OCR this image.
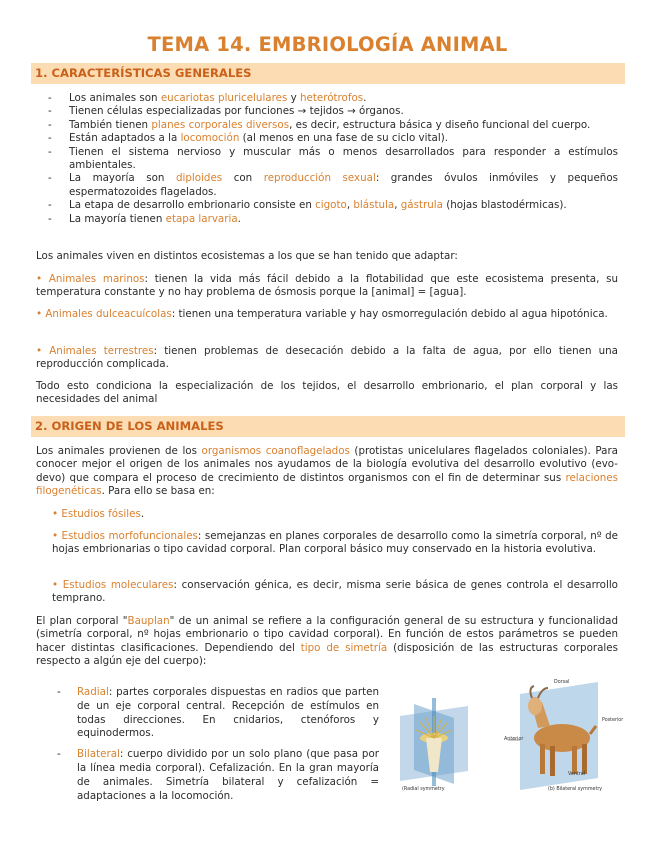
TEMA 14. EMBRIOLOGÍA ANIMAL
1. CARACTERÍSTICAS GENERALES
- Los animales son eucariotas pluricelulares y heterótrofos.
- Tienen células especializadas por funciones → tejidos → órganos.
- También tienen planes corporales diversos, es decir, estructura básica y diseño funcional del cuerpo.
- Están adaptados a la locomoción (al menos en una fase de su ciclo vital).
- Tienen el sistema nervioso y muscular más o menos desarrollados para responder a estímulos ambientales.
- La mayoría son diploides con reproducción sexual: grandes óvulos inmóviles y pequeños espermatozoides flagelados.
- La etapa de desarrollo embrionario consiste en cigoto, blástula, gástrula (hojas blastodérmicas).
- La mayoría tienen etapa larvaria.
Los animales viven en distintos ecosistemas a los que se han tenido que adaptar:
• Animales marinos: tienen la vida más fácil debido a la flotabilidad que este ecosistema presenta, su temperatura constante y no hay problema de ósmosis porque la [animal] = [agua].
• Animales dulceacuícolas: tienen una temperatura variable y hay osmorregulación debido al agua hipotónica.
• Animales terrestres: tienen problemas de desecación debido a la falta de agua, por ello tienen una reproducción complicada.
Todo esto condiciona la especialización de los tejidos, el desarrollo embrionario, el plan corporal y las necesidades del animal
2. ORIGEN DE LOS ANIMALES
Los animales provienen de los organismos coanoflagelados (protistas unicelulares flagelados coloniales). Para conocer mejor el origen de los animales nos ayudamos de la biología evolutiva del desarrollo evolutivo (evo-devo) que compara el proceso de crecimiento de distintos organismos con el fin de determinar sus relaciones filogenéticas. Para ello se basa en:
• Estudios fósiles.
• Estudios morfofuncionales: semejanzas en planes corporales de desarrollo como la simetría corporal, nº de hojas embrionarias o tipo cavidad corporal. Plan corporal básico muy conservado en la historia evolutiva.
• Estudios moleculares: conservación génica, es decir, misma serie básica de genes controla el desarrollo temprano.
El plan corporal "Bauplan" de un animal se refiere a la configuración general de su estructura y funcionalidad (simetría corporal, nº hojas embrionario o tipo cavidad corporal). En función de estos parámetros se pueden hacer distintas clasificaciones. Dependiendo del tipo de simetría (disposición de las estructuras corporales respecto a algún eje del cuerpo):
- Radial: partes corporales dispuestas en radios que parten de un eje corporal central. Recepción de estímulos en todas direcciones. En cnidarios, ctenóforos y equinodermos.
- Bilateral: cuerpo dividido por un solo plano (que pasa por la línea media corporal). Cefalización. En la gran mayoría de animales. Simetría bilateral y cefalización = adaptaciones a la locomoción.
(Radial symmetry	(b) Bilateral symmetry
Dorsal
Anterior
Posterior
Ventral
